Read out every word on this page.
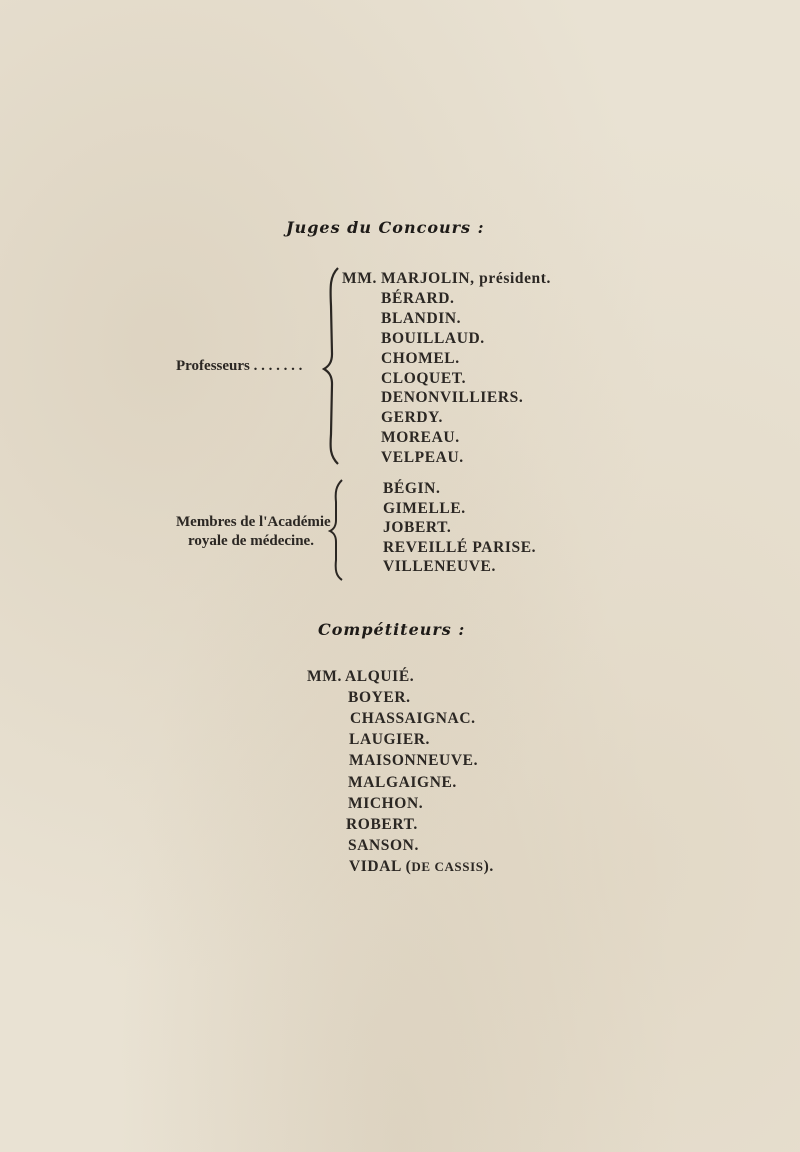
Juges du Concours :
Professeurs . . . . . . .
MM. MARJOLIN, président.
BÉRARD.
BLANDIN.
BOUILLAUD.
CHOMEL.
CLOQUET.
DENONVILLIERS.
GERDY.
MOREAU.
VELPEAU.
Membres de l'Académie
royale de médecine.
BÉGIN.
GIMELLE.
JOBERT.
REVEILLÉ PARISE.
VILLENEUVE.
Compétiteurs :
MM. ALQUIÉ.
BOYER.
CHASSAIGNAC.
LAUGIER.
MAISONNEUVE.
MALGAIGNE.
MICHON.
ROBERT.
SANSON.
VIDAL (DE CASSIS).
